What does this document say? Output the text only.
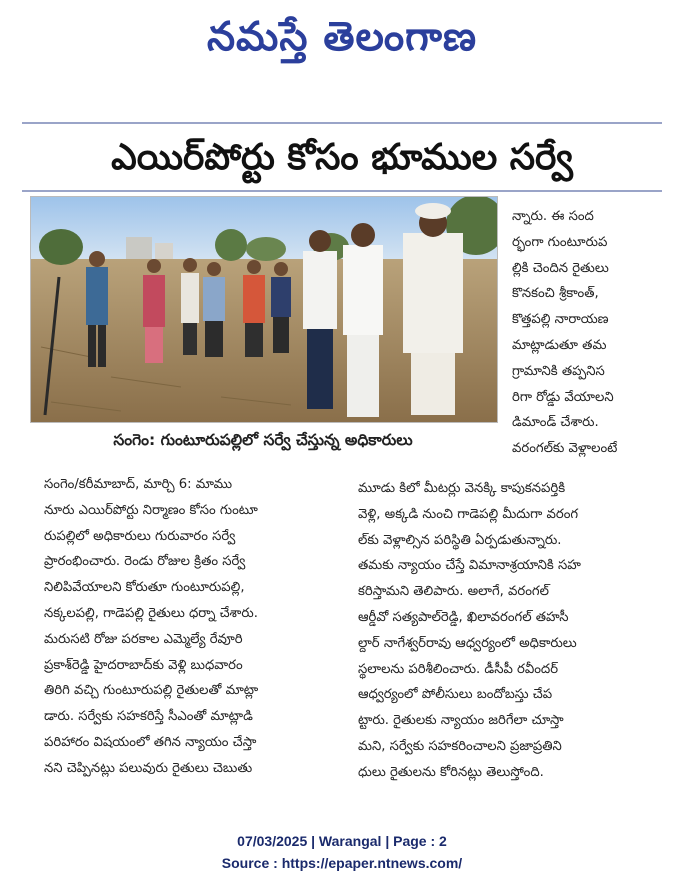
నమస్తే తెలంగాణ
ఎయిర్‌పోర్టు కోసం భూముల సర్వే
సంగెం: గుంటూరుపల్లిలో సర్వే చేస్తున్న అధికారులు

న్నారు. ఈ సంద

ర్భంగా గుంటూరుప

ల్లికి చెందిన రైతులు

కొనకంచి శ్రీకాంత్,

కొత్తపల్లి నారాయణ

మాట్లాడుతూ తమ

గ్రామానికి తప్పనిస

రిగా రోడ్డు వేయాలని

డిమాండ్ చేశారు.

వరంగల్‌కు వెళ్లాలంటే

సంగెం/కరీమాబాద్, మార్చి 6: మాము

నూరు ఎయిర్‌పోర్టు నిర్మాణం కోసం గుంటూ

రుపల్లిలో అధికారులు గురువారం సర్వే

ప్రారంభించారు. రెండు రోజుల క్రితం సర్వే

నిలిపివేయాలని కోరుతూ గుంటూరుపల్లి,

నక్కలపల్లి, గాడెపల్లి రైతులు ధర్నా చేశారు.

మరుసటి రోజు పరకాల ఎమ్మెల్యే రేవూరి

ప్రకాశ్‌రెడ్డి హైదరాబాద్‌కు వెళ్లి బుధవారం

తిరిగి వచ్చి గుంటూరుపల్లి రైతులతో మాట్లా

డారు. సర్వేకు సహకరిస్తే సీఎంతో మాట్లాడి

పరిహారం విషయంలో తగిన న్యాయం చేస్తా

నని చెప్పినట్లు పలువురు రైతులు చెబుతు

మూడు కిలో మీటర్లు వెనక్కి కాపుకనపర్తికి

వెళ్లి, అక్కడి నుంచి గాడెపల్లి మీదుగా వరంగ

ల్‌కు వెళ్లాల్సిన పరిస్థితి ఏర్పడుతున్నారు.

తమకు న్యాయం చేస్తే విమానాశ్రయానికి సహ

కరిస్తామని తెలిపారు. అలాగే, వరంగల్

ఆర్డీవో సత్యపాల్‌రెడ్డి, ఖిలావరంగల్ తహసీ

ల్దార్ నాగేశ్వర్‌రావు ఆధ్వర్యంలో అధికారులు

స్థలాలను పరిశీలించారు. డీసీపీ రవీందర్

ఆధ్వర్యంలో పోలీసులు బందోబస్తు చేప

ట్టారు. రైతులకు న్యాయం జరిగేలా చూస్తా

మని, సర్వేకు సహకరించాలని ప్రజాప్రతిని

ధులు రైతులను కోరినట్లు తెలుస్తోంది.

07/03/2025 | Warangal | Page : 2
Source : https://epaper.ntnews.com/
